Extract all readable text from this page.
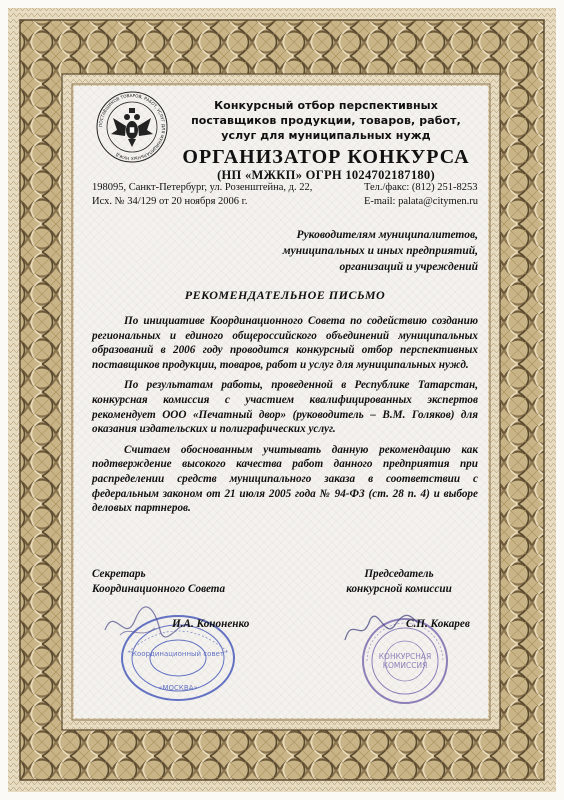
ПОСТАВЩИКОВ ТОВАРОВ, РАБОТ, УСЛУГ ДЛЯ МУНИЦИПАЛЬНЫХ НУЖД
Конкурсный отбор перспективных
поставщиков продукции, товаров, работ,
услуг для муниципальных нужд
ОРГАНИЗАТОР КОНКУРСА
(НП «МЖКП» ОГРН 1024702187180)
198095, Санкт-Петербург, ул. Розенштейна, д. 22,
Исх. № 34/129 от 20 ноября 2006 г.
Тел./факс: (812) 251-8253
E-mail: palata@citymen.ru
Руководителям муниципалитетов,
муниципальных и иных предприятий,
организаций и учреждений
РЕКОМЕНДАТЕЛЬНОЕ ПИСЬМО

По инициативе Координационного Совета по содействию созданию региональных и единого общероссийского объединений муниципальных образований в 2006 году проводится конкурсный отбор перспективных поставщиков продукции, товаров, работ и услуг для муниципальных нужд.

По результатам работы, проведенной в Республике Татарстан, конкурсная комиссия с участием квалифицированных экспертов рекомендует ООО «Печатный двор» (руководитель – В.М. Голяков) для оказания издательских и полиграфических услуг.

Считаем обоснованным учитывать данную рекомендацию как подтверждение высокого качества работ данного предприятия при распределении средств муниципального заказа в соответствии с федеральным законом от 21 июля 2005 года № 94-ФЗ (ст. 28 п. 4) и выборе деловых партнеров.

Секретарь
Координационного Совета
Председатель
конкурсной комиссии
"Координационный совет"
«МОСКВА»
И.А. Кононенко
КОНКУРСНАЯ
КОМИССИЯ
С.П. Кокарев
